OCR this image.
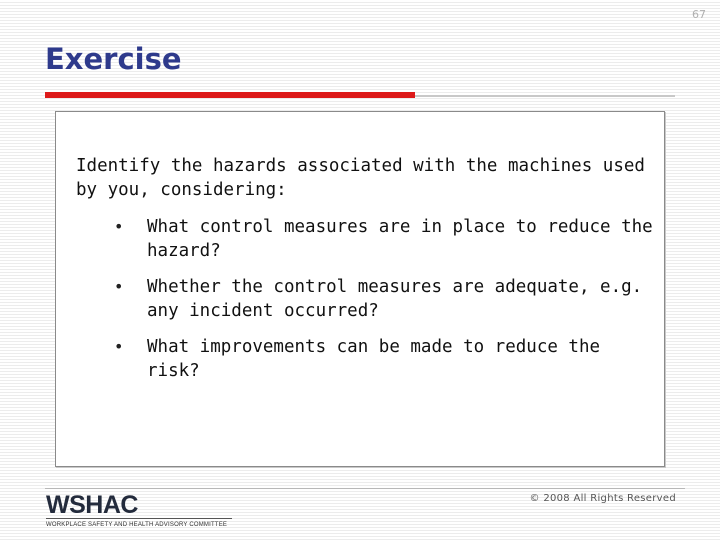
67
Exercise

Identify the hazards associated with the machines used by you, considering:

• What control measures are in place to reduce the hazard?
• Whether the control measures are adequate, e.g. any incident occurred?
• What improvements can be made to reduce the risk?
WSHAC
WORKPLACE SAFETY AND HEALTH ADVISORY COMMITTEE
© 2008 All Rights Reserved
